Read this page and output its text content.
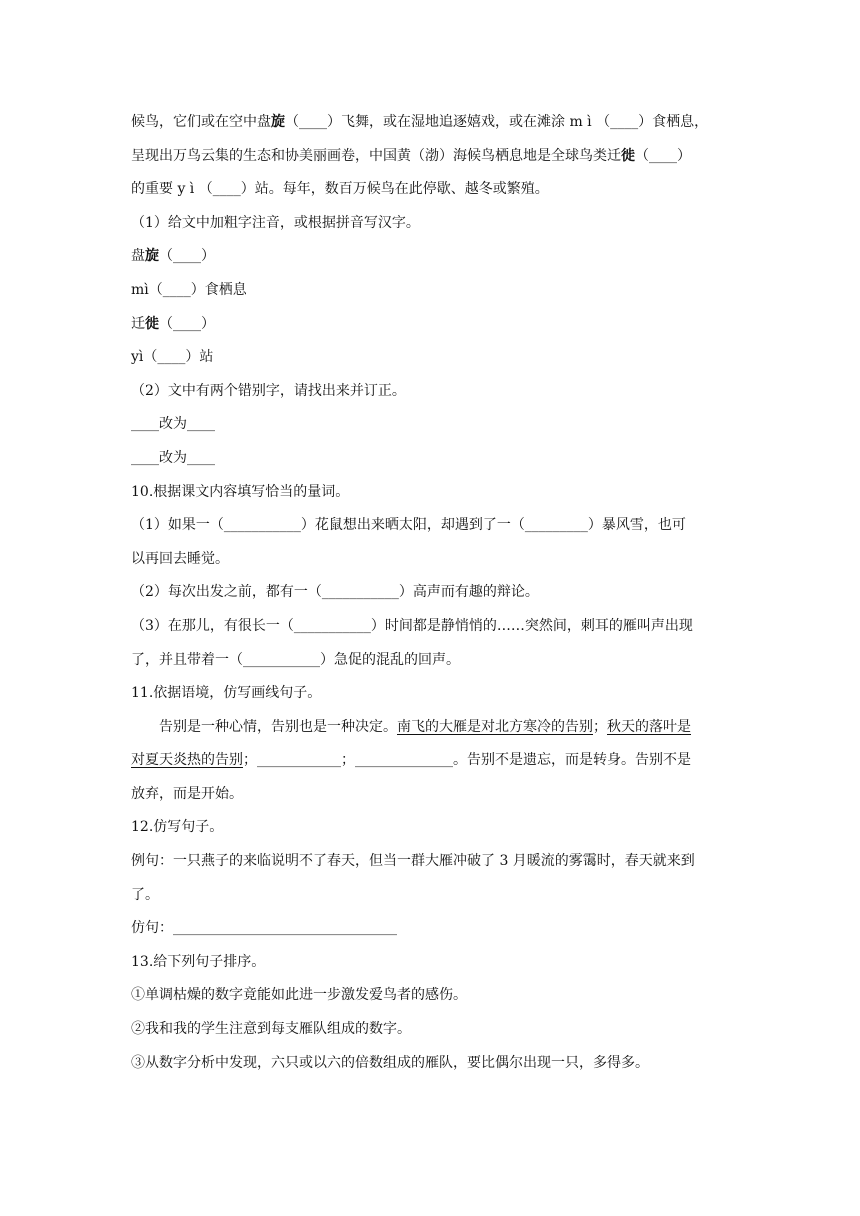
候鸟，它们或在空中盘旋（____）飞舞，或在湿地追逐嬉戏，或在滩涂 m ì （____）食栖息，
呈现出万鸟云集的生态和协美丽画卷，中国黄（渤）海候鸟栖息地是全球鸟类迁徙（____）
的重要 y ì （____）站。每年，数百万候鸟在此停歇、越冬或繁殖。
（1）给文中加粗字注音，或根据拼音写汉字。
盘旋（____）
mì（____）食栖息
迁徙（____）
yì（____）站
（2）文中有两个错别字，请找出来并订正。
____改为____
____改为____
10.根据课文内容填写恰当的量词。
（1）如果一（___________）花鼠想出来晒太阳，却遇到了一（_________）暴风雪，也可
以再回去睡觉。
（2）每次出发之前，都有一（___________）高声而有趣的辩论。
（3）在那儿，有很长一（___________）时间都是静悄悄的……突然间，刺耳的雁叫声出现
了，并且带着一（___________）急促的混乱的回声。
11.依据语境，仿写画线句子。
告别是一种心情，告别也是一种决定。南飞的大雁是对北方寒冷的告别；秋天的落叶是
对夏天炎热的告别；____________；______________。告别不是遗忘，而是转身。告别不是
放弃，而是开始。
12.仿写句子。
例句：一只燕子的来临说明不了春天，但当一群大雁冲破了 3 月暖流的雾霭时，春天就来到
了。
仿句：________________________________
13.给下列句子排序。
①单调枯燥的数字竟能如此进一步激发爱鸟者的感伤。
②我和我的学生注意到每支雁队组成的数字。
③从数字分析中发现，六只或以六的倍数组成的雁队，要比偶尔出现一只，多得多。
